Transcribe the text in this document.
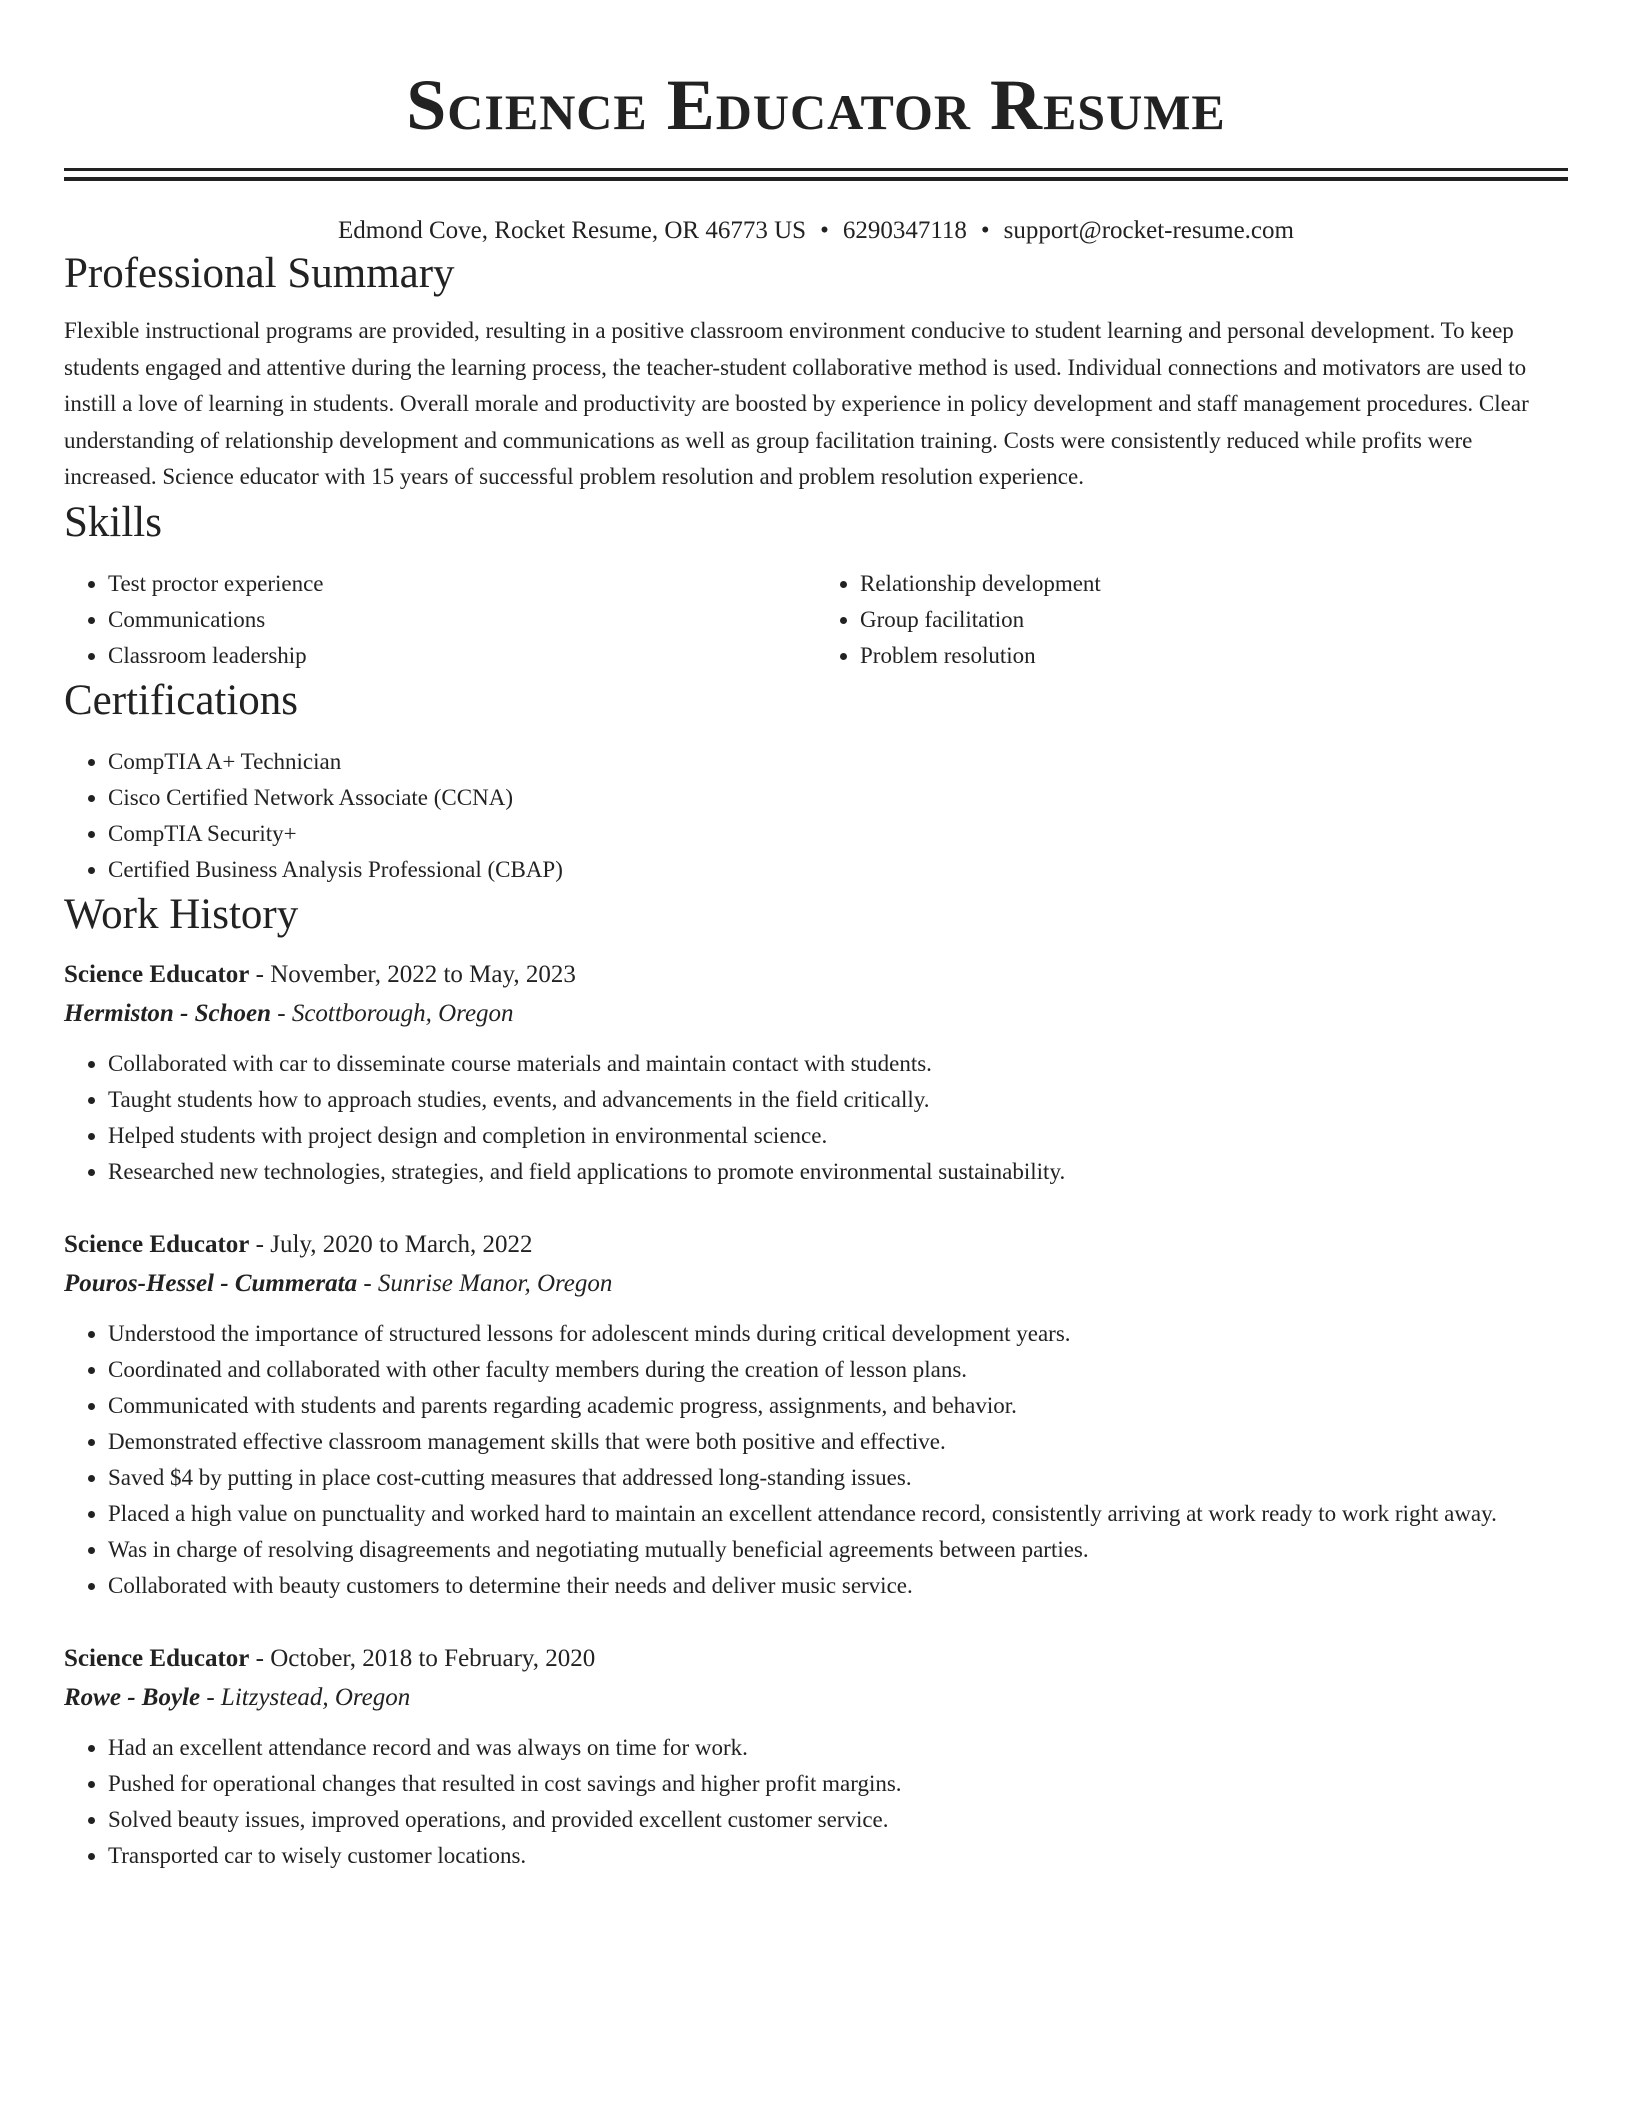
Science Educator Resume
Edmond Cove, Rocket Resume, OR 46773 US • 6290347118 • support@rocket-resume.com
Professional Summary

Flexible instructional programs are provided, resulting in a positive classroom environment conducive to student learning and personal development. To keep students engaged and attentive during the learning process, the teacher-student collaborative method is used. Individual connections and motivators are used to instill a love of learning in students. Overall morale and productivity are boosted by experience in policy development and staff management procedures. Clear understanding of relationship development and communications as well as group facilitation training. Costs were consistently reduced while profits were increased. Science educator with 15 years of successful problem resolution and problem resolution experience.

Skills
• Test proctor experience
• Communications
• Classroom leadership
• Relationship development
• Group facilitation
• Problem resolution
Certifications
• CompTIA A+ Technician
• Cisco Certified Network Associate (CCNA)
• CompTIA Security+
• Certified Business Analysis Professional (CBAP)
Work History
Science Educator - November, 2022 to May, 2023
Hermiston - Schoen - Scottborough, Oregon
• Collaborated with car to disseminate course materials and maintain contact with students.
• Taught students how to approach studies, events, and advancements in the field critically.
• Helped students with project design and completion in environmental science.
• Researched new technologies, strategies, and field applications to promote environmental sustainability.
Science Educator - July, 2020 to March, 2022
Pouros-Hessel - Cummerata - Sunrise Manor, Oregon
• Understood the importance of structured lessons for adolescent minds during critical development years.
• Coordinated and collaborated with other faculty members during the creation of lesson plans.
• Communicated with students and parents regarding academic progress, assignments, and behavior.
• Demonstrated effective classroom management skills that were both positive and effective.
• Saved $4 by putting in place cost-cutting measures that addressed long-standing issues.
• Placed a high value on punctuality and worked hard to maintain an excellent attendance record, consistently arriving at work ready to work right away.
• Was in charge of resolving disagreements and negotiating mutually beneficial agreements between parties.
• Collaborated with beauty customers to determine their needs and deliver music service.
Science Educator - October, 2018 to February, 2020
Rowe - Boyle - Litzystead, Oregon
• Had an excellent attendance record and was always on time for work.
• Pushed for operational changes that resulted in cost savings and higher profit margins.
• Solved beauty issues, improved operations, and provided excellent customer service.
• Transported car to wisely customer locations.
